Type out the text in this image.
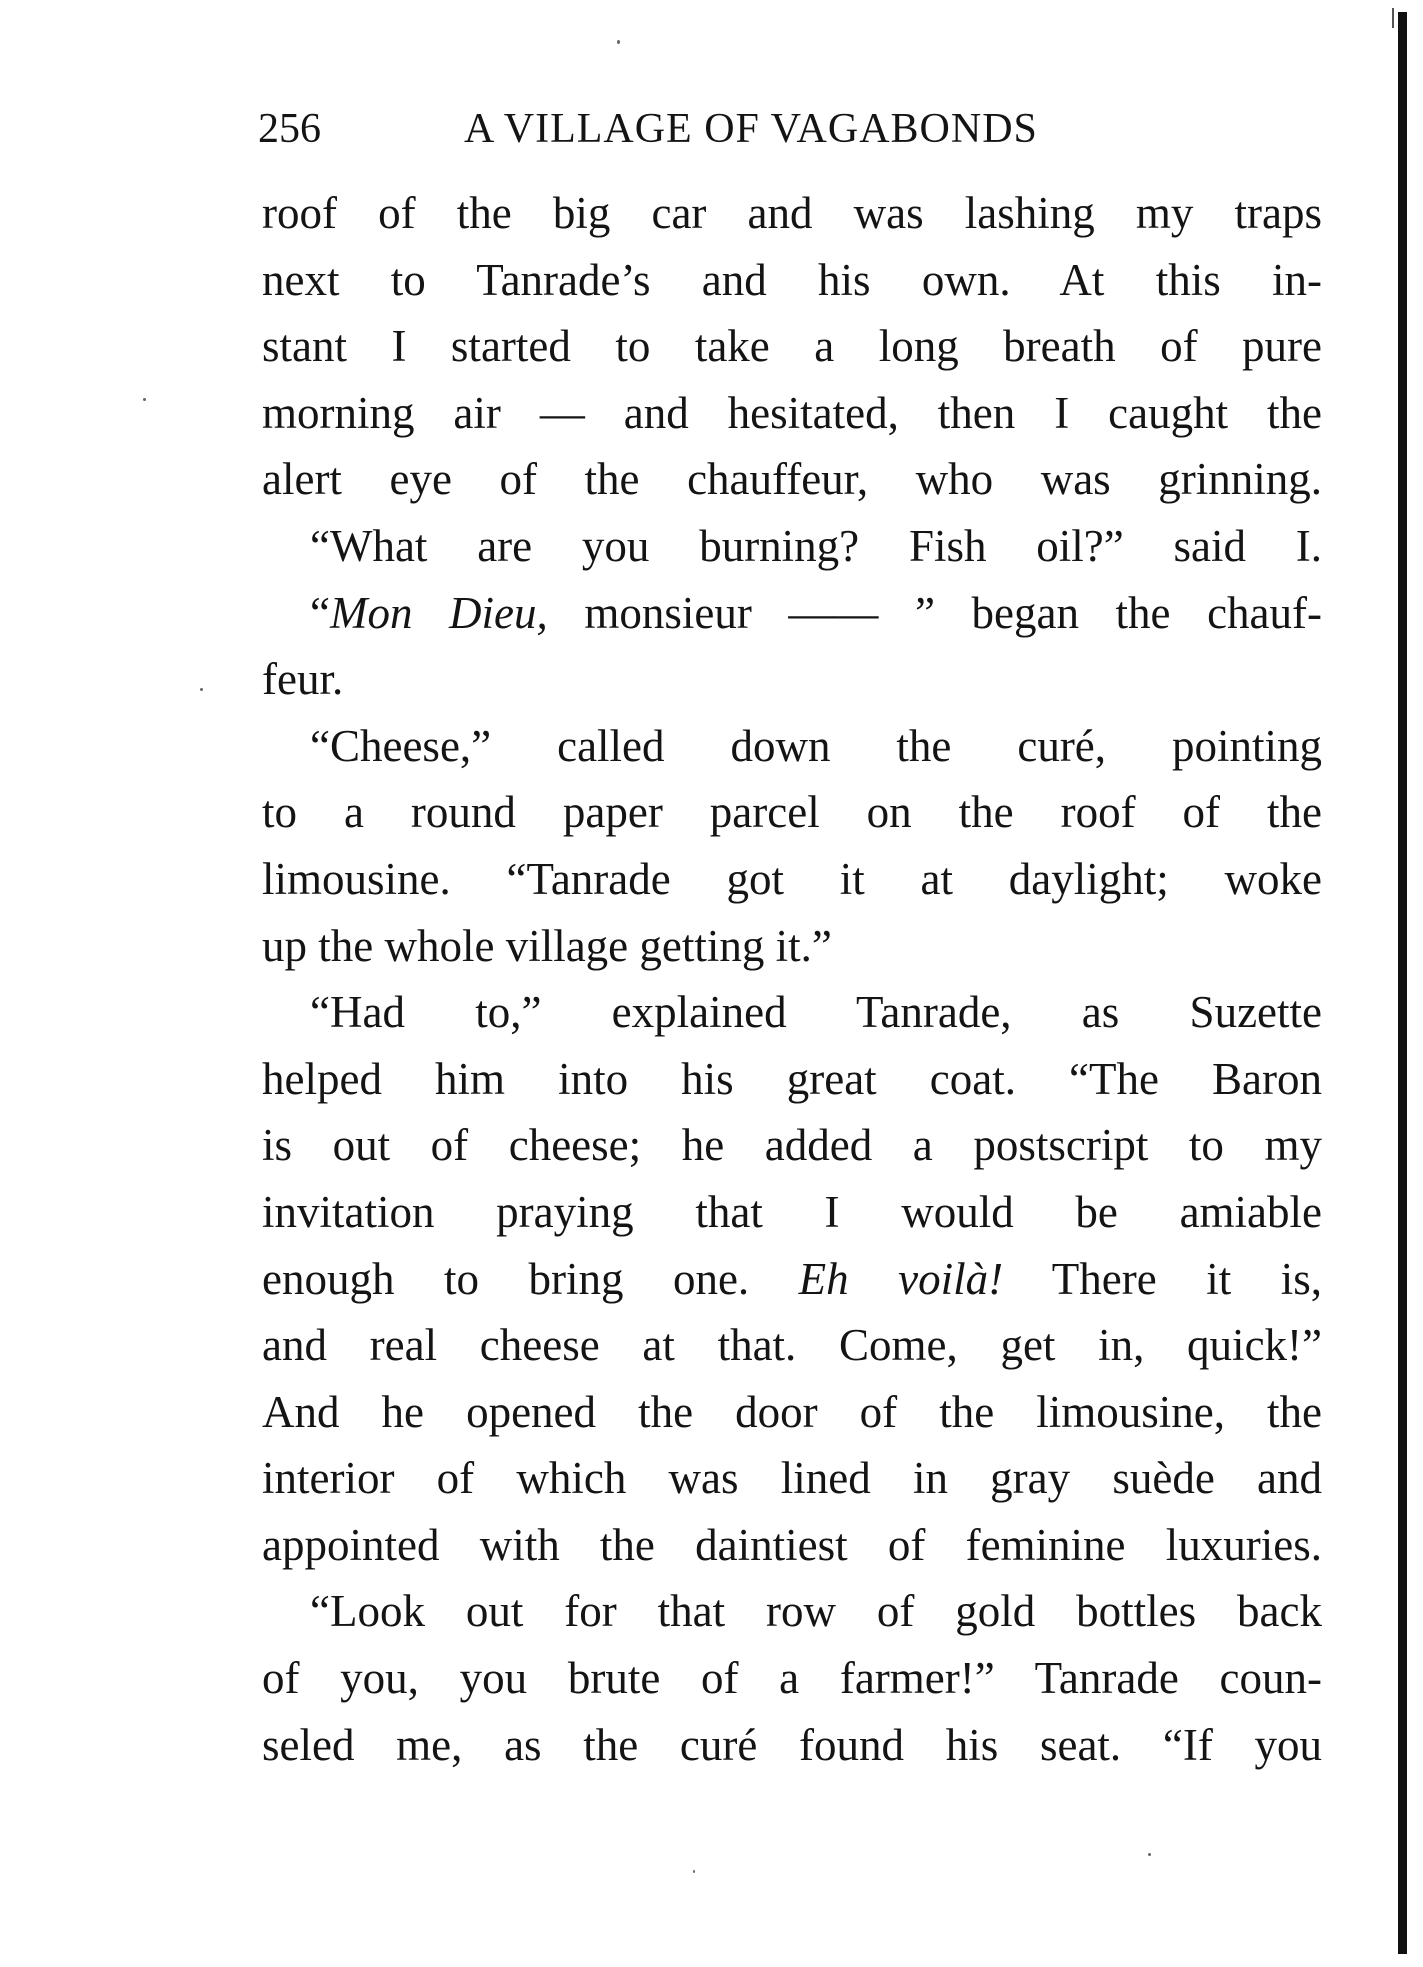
256	A VILLAGE OF VAGABONDS
roof of the big car and was lashing my traps
next to Tanrade’s and his own. At this in-
stant I started to take a long breath of pure
morning air — and hesitated, then I caught the
alert eye of the chauffeur, who was grinning.
“What are you burning? Fish oil?” said I.
“Mon Dieu, monsieur —— ” began the chauf-
feur.
“Cheese,” called down the curé, pointing
to a round paper parcel on the roof of the
limousine. “Tanrade got it at daylight; woke
up the whole village getting it.”
“Had to,” explained Tanrade, as Suzette
helped him into his great coat. “The Baron
is out of cheese; he added a postscript to my
invitation praying that I would be amiable
enough to bring one. Eh voilà! There it is,
and real cheese at that. Come, get in, quick!”
And he opened the door of the limousine, the
interior of which was lined in gray suède and
appointed with the daintiest of feminine luxuries.
“Look out for that row of gold bottles back
of you, you brute of a farmer!” Tanrade coun-
seled me, as the curé found his seat. “If you
